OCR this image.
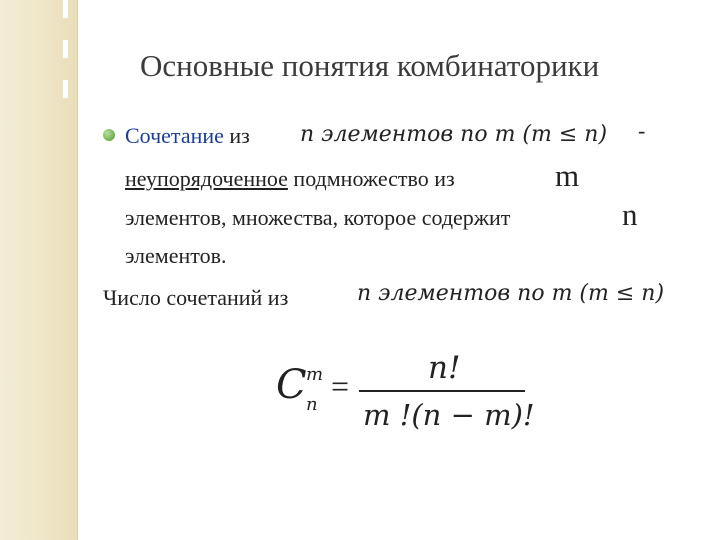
Основные понятия комбинаторики
Сочетание из n элементов по m (m ≤ n) -
неупорядоченное подмножество из	m
элементов, множества, которое содержит	n
элементов.
Число сочетаний из	n элементов по m (m ≤ n)
C m
n
=	n!
m !(n − m)!
